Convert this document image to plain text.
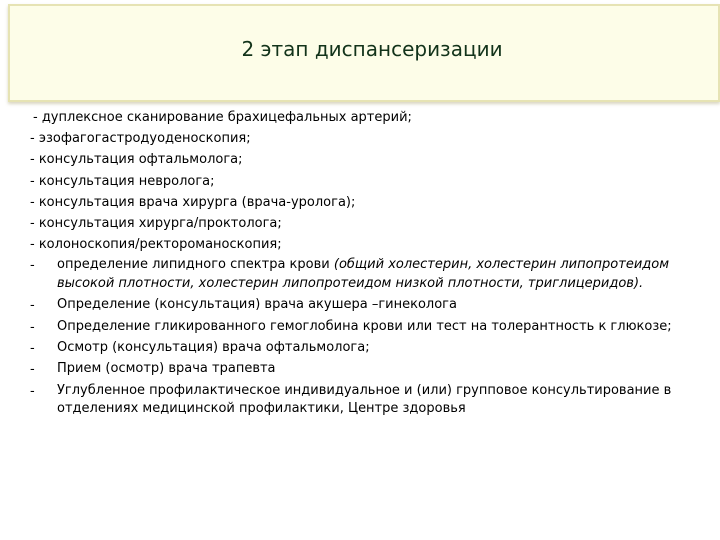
2 этап диспансеризации
- дуплексное сканирование брахицефальных артерий;
- эзофагогастродуоденоскопия;
- консультация офтальмолога;
- консультация невролога;
- консультация врача хирурга (врача-уролога);
- консультация хирурга/проктолога;
- колоноскопия/ректороманоскопия;
- определение липидного спектра крови (общий холестерин, холестерин липопротеидом высокой плотности, холестерин липопротеидом низкой плотности, триглицеридов).
- Определение (консультация) врача акушера –гинеколога
- Определение гликированного гемоглобина крови или тест на толерантность к глюкозе;
- Осмотр (консультация) врача офтальмолога;
- Прием (осмотр) врача трапевта
- Углубленное профилактическое индивидуальное и (или) групповое консультирование в отделениях медицинской профилактики, Центре здоровья
